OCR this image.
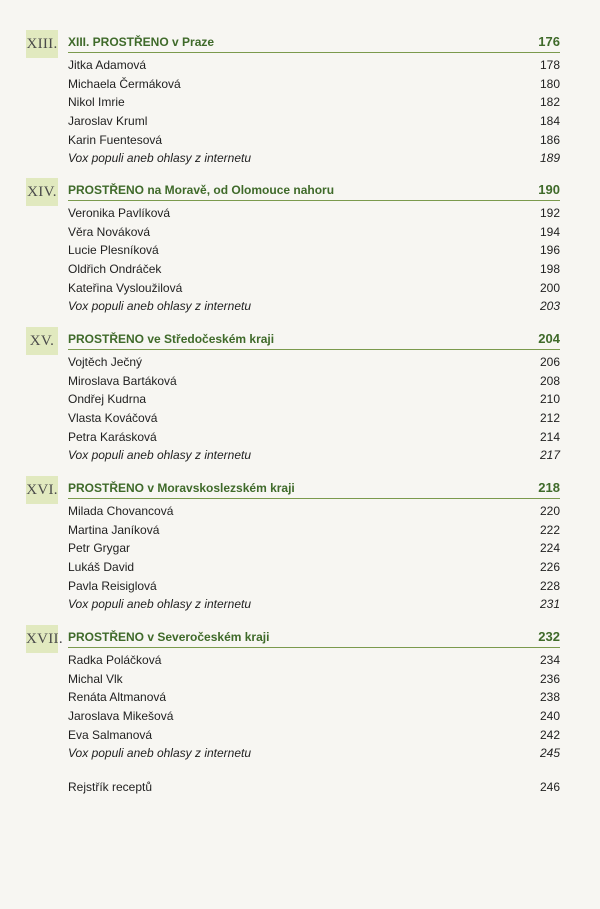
XIII. XIII. PROSTŘENO v Praze	176
Jitka Adamová	178
Michaela Čermáková	180
Nikol Imrie	182
Jaroslav Kruml	184
Karin Fuentesová	186
Vox populi aneb ohlasy z internetu	189
XIV. PROSTŘENO na Moravě, od Olomouce nahoru	190
Veronika Pavlíková	192
Věra Nováková	194
Lucie Plesníková	196
Oldřich Ondráček	198
Kateřina Vysloužilová	200
Vox populi aneb ohlasy z internetu	203
XV.	PROSTŘENO ve Středočeském kraji	204
Vojtěch Ječný	206
Miroslava Bartáková	208
Ondřej Kudrna	210
Vlasta Kováčová	212
Petra Karásková	214
Vox populi aneb ohlasy z internetu	217
XVI. PROSTŘENO v Moravskoslezském kraji	218
Milada Chovancová	220
Martina Janíková	222
Petr Grygar	224
Lukáš David	226
Pavla Reisiglová	228
Vox populi aneb ohlasy z internetu	231
XVII. PROSTŘENO v Severočeském kraji	232
Radka Poláčková	234
Michal Vlk	236
Renáta Altmanová	238
Jaroslava Mikešová	240
Eva Salmanová	242
Vox populi aneb ohlasy z internetu	245
Rejstřík receptů	246
